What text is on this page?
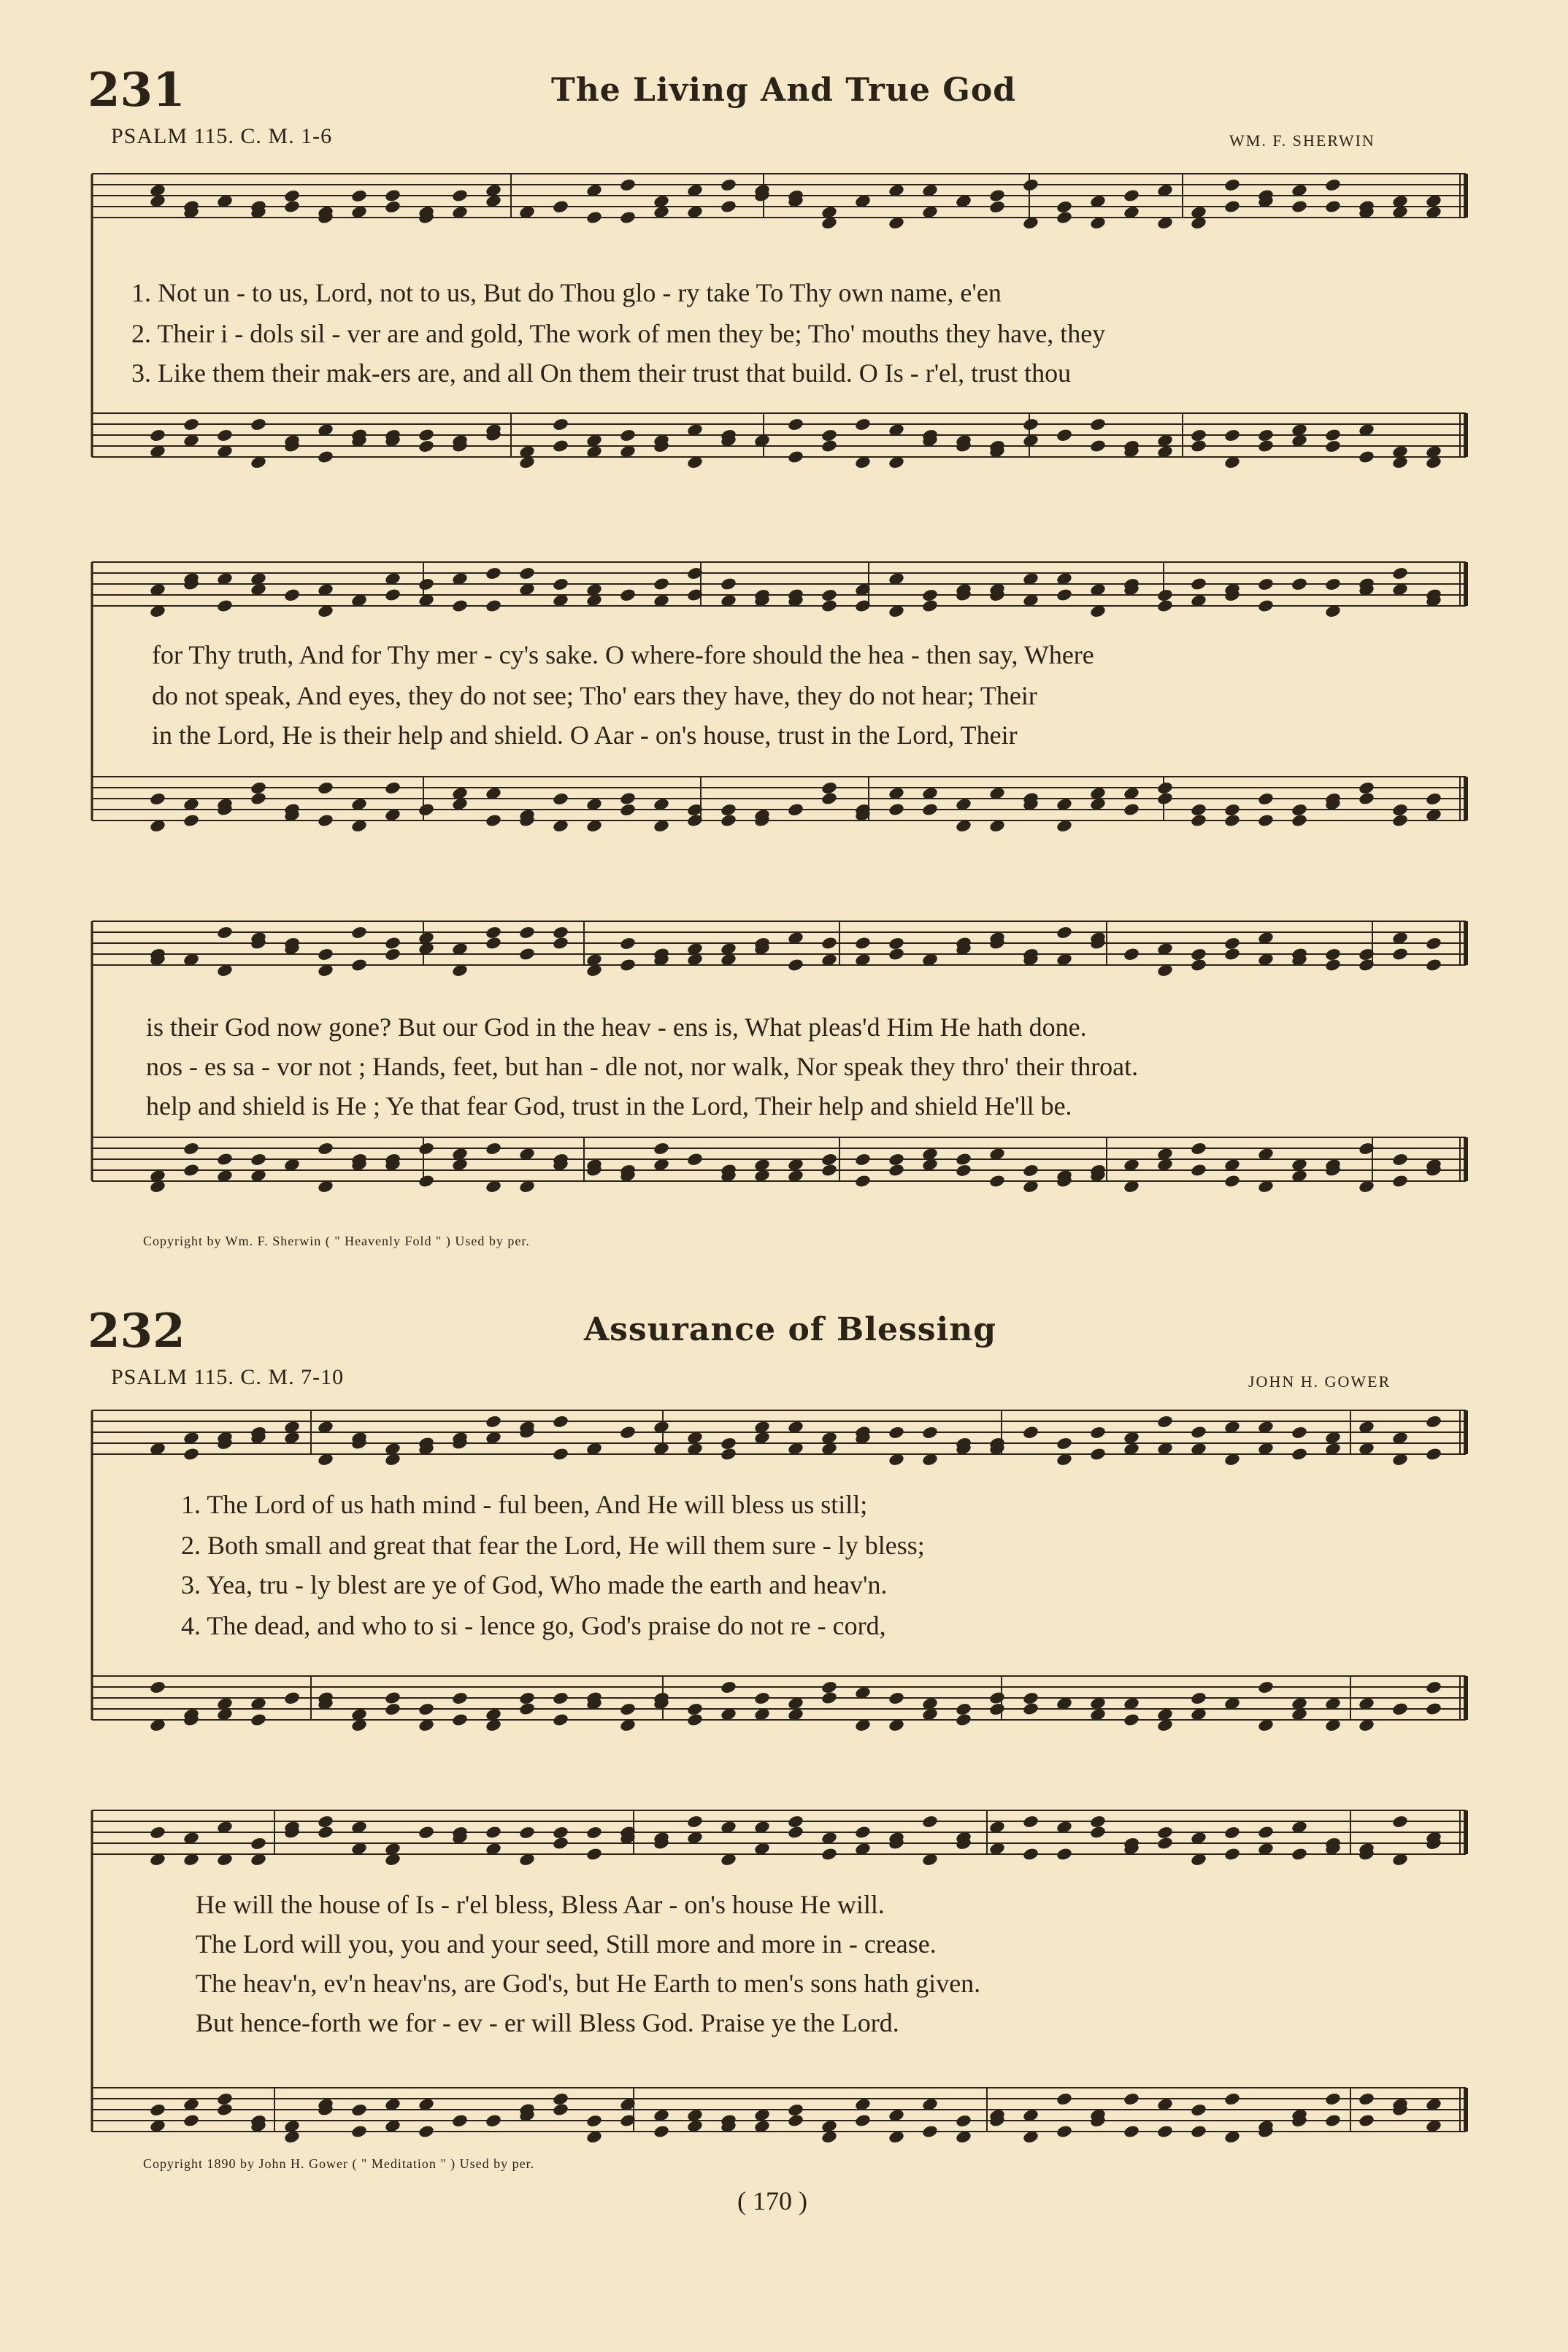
231	The Living And True God
PSALM 115. C. M. 1-6	WM. F. SHERWIN
1. Not un - to us, Lord, not to us, But do Thou glo - ry take To Thy own name, e'en
2. Their i - dols sil - ver are and gold, The work of men they be; Tho' mouths they have, they
3. Like them their mak-ers are, and all On them their trust that build. O Is - r'el, trust thou
for Thy truth, And for Thy mer - cy's sake. O where-fore should the hea - then say, Where
do not speak, And eyes, they do not see; Tho' ears they have, they do not hear; Their
in the Lord, He is their help and shield. O Aar - on's house, trust in the Lord, Their
is their God now gone? But our God in the heav - ens is, What pleas'd Him He hath done.
nos - es sa - vor not ; Hands, feet, but han - dle not, nor walk, Nor speak they thro' their throat.
help and shield is He ; Ye that fear God, trust in the Lord, Their help and shield He'll be.
Copyright by Wm. F. Sherwin ( " Heavenly Fold " ) Used by per.
232	Assurance of Blessing
PSALM 115. C. M. 7-10	JOHN H. GOWER
1. The Lord of us hath mind - ful been, And He will bless us still;
2. Both small and great that fear the Lord, He will them sure - ly bless;
3. Yea, tru - ly blest are ye of God, Who made the earth and heav'n.
4. The dead, and who to si - lence go, God's praise do not re - cord,
He will the house of Is - r'el bless, Bless Aar - on's house He will.
The Lord will you, you and your seed, Still more and more in - crease.
The heav'n, ev'n heav'ns, are God's, but He Earth to men's sons hath given.
But hence-forth we for - ev - er will Bless God. Praise ye the Lord.
Copyright 1890 by John H. Gower ( " Meditation " ) Used by per.
( 170 )
